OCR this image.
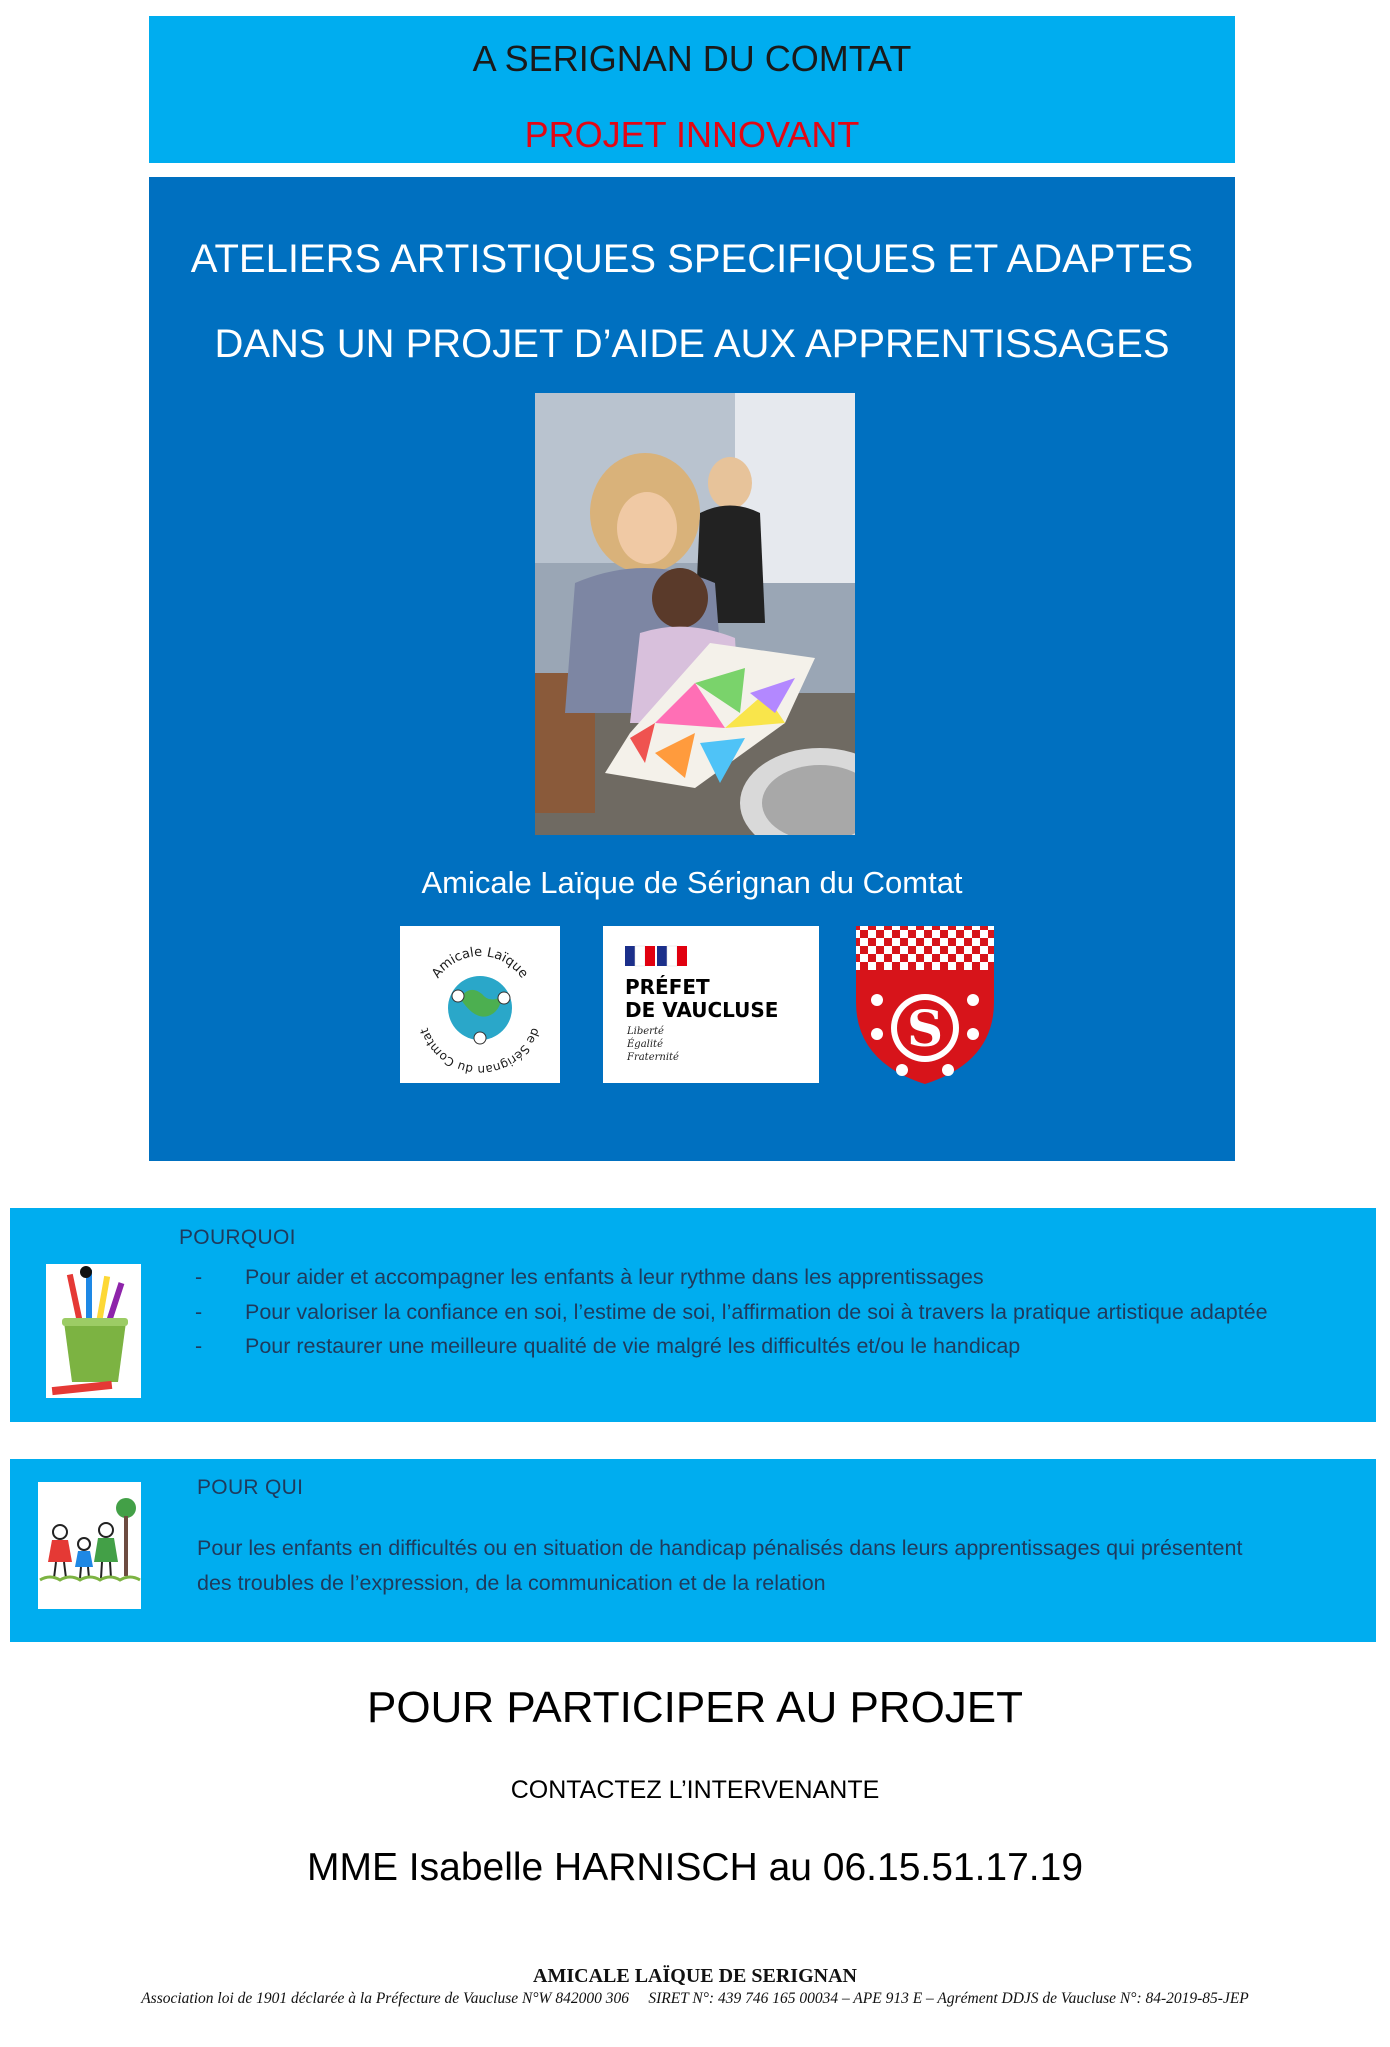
A SERIGNAN DU COMTAT
PROJET INNOVANT
ATELIERS ARTISTIQUES SPECIFIQUES ET ADAPTES
DANS UN PROJET D’AIDE AUX APPRENTISSAGES
Amicale Laïque de Sérignan du Comtat
Amicale Laïque
de Sérignan du Comtat
PRÉFET
DE VAUCLUSE
Liberté
Égalité
Fraternité	S
POURQUOI
- Pour aider et accompagner les enfants à leur rythme dans les apprentissages
- Pour valoriser la confiance en soi, l’estime de soi, l’affirmation de soi à travers la pratique artistique adaptée
- Pour restaurer une meilleure qualité de vie malgré les difficultés et/ou le handicap
POUR QUI
Pour les enfants en difficultés ou en situation de handicap pénalisés dans leurs apprentissages qui présentent des troubles de l’expression, de la communication et de la relation
POUR PARTICIPER AU PROJET
CONTACTEZ L’INTERVENANTE
MME Isabelle HARNISCH au 06.15.51.17.19
AMICALE LAÏQUE DE SERIGNAN
Association loi de 1901 déclarée à la Préfecture de Vaucluse N°W 842000 306     SIRET N°: 439 746 165 00034 – APE 913 E – Agrément DDJS de Vaucluse N°: 84-2019-85-JEP
